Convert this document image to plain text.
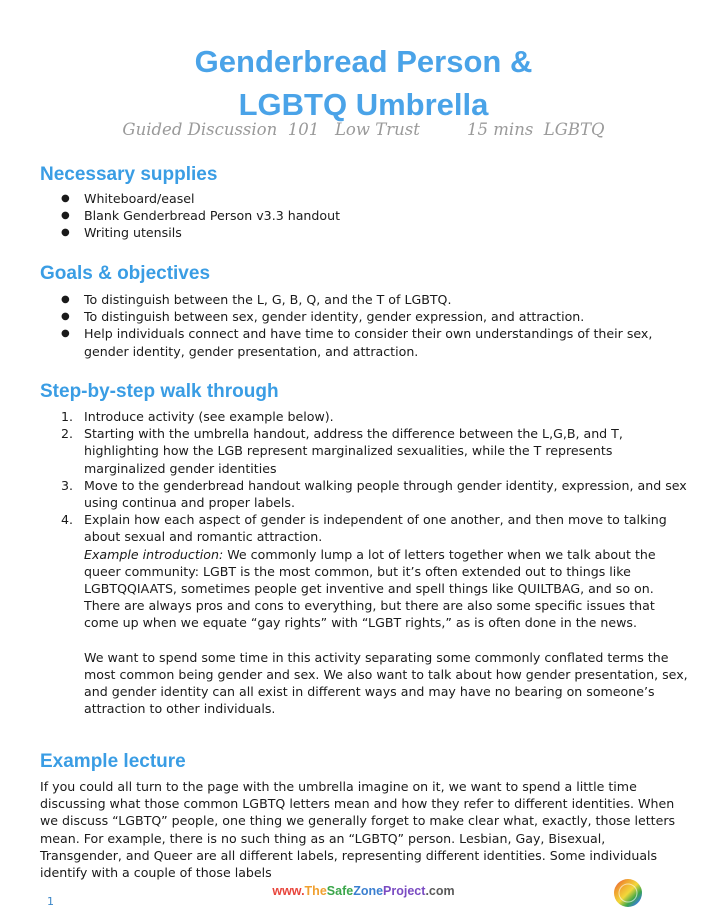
Genderbread Person &
LGBTQ Umbrella
Guided Discussion  101   Low Trust         15 mins  LGBTQ
Necessary supplies
● Whiteboard/easel
● Blank Genderbread Person v3.3 handout
● Writing utensils
Goals & objectives
● To distinguish between the L, G, B, Q, and the T of LGBTQ.
● To distinguish between sex, gender identity, gender expression, and attraction.
● Help individuals connect and have time to consider their own understandings of their sex, gender identity, gender presentation, and attraction.
Step-by-step walk through
1. Introduce activity (see example below).
2. Starting with the umbrella handout, address the difference between the L,G,B, and T, highlighting how the LGB represent marginalized sexualities, while the T represents marginalized gender identities
3. Move to the genderbread handout walking people through gender identity, expression, and sex using continua and proper labels.
4. Explain how each aspect of gender is independent of one another, and then move to talking about sexual and romantic attraction.

Example introduction: We commonly lump a lot of letters together when we talk about the queer community: LGBT is the most common, but it’s often extended out to things like LGBTQQIAATS, sometimes people get inventive and spell things like QUILTBAG, and so on. There are always pros and cons to everything, but there are also some specific issues that come up when we equate “gay rights” with “LGBT rights,” as is often done in the news.

We want to spend some time in this activity separating some commonly conflated terms the most common being gender and sex. We also want to talk about how gender presentation, sex, and gender identity can all exist in different ways and may have no bearing on someone’s attraction to other individuals.

Example lecture

If you could all turn to the page with the umbrella imagine on it, we want to spend a little time discussing what those common LGBTQ letters mean and how they refer to different identities. When we discuss “LGBTQ” people, one thing we generally forget to make clear what, exactly, those letters mean. For example, there is no such thing as an “LGBTQ” person. Lesbian, Gay, Bisexual, Transgender, and Queer are all different labels, representing different identities. Some individuals identify with a couple of those labels

www.TheSafeZoneProject.com
1
